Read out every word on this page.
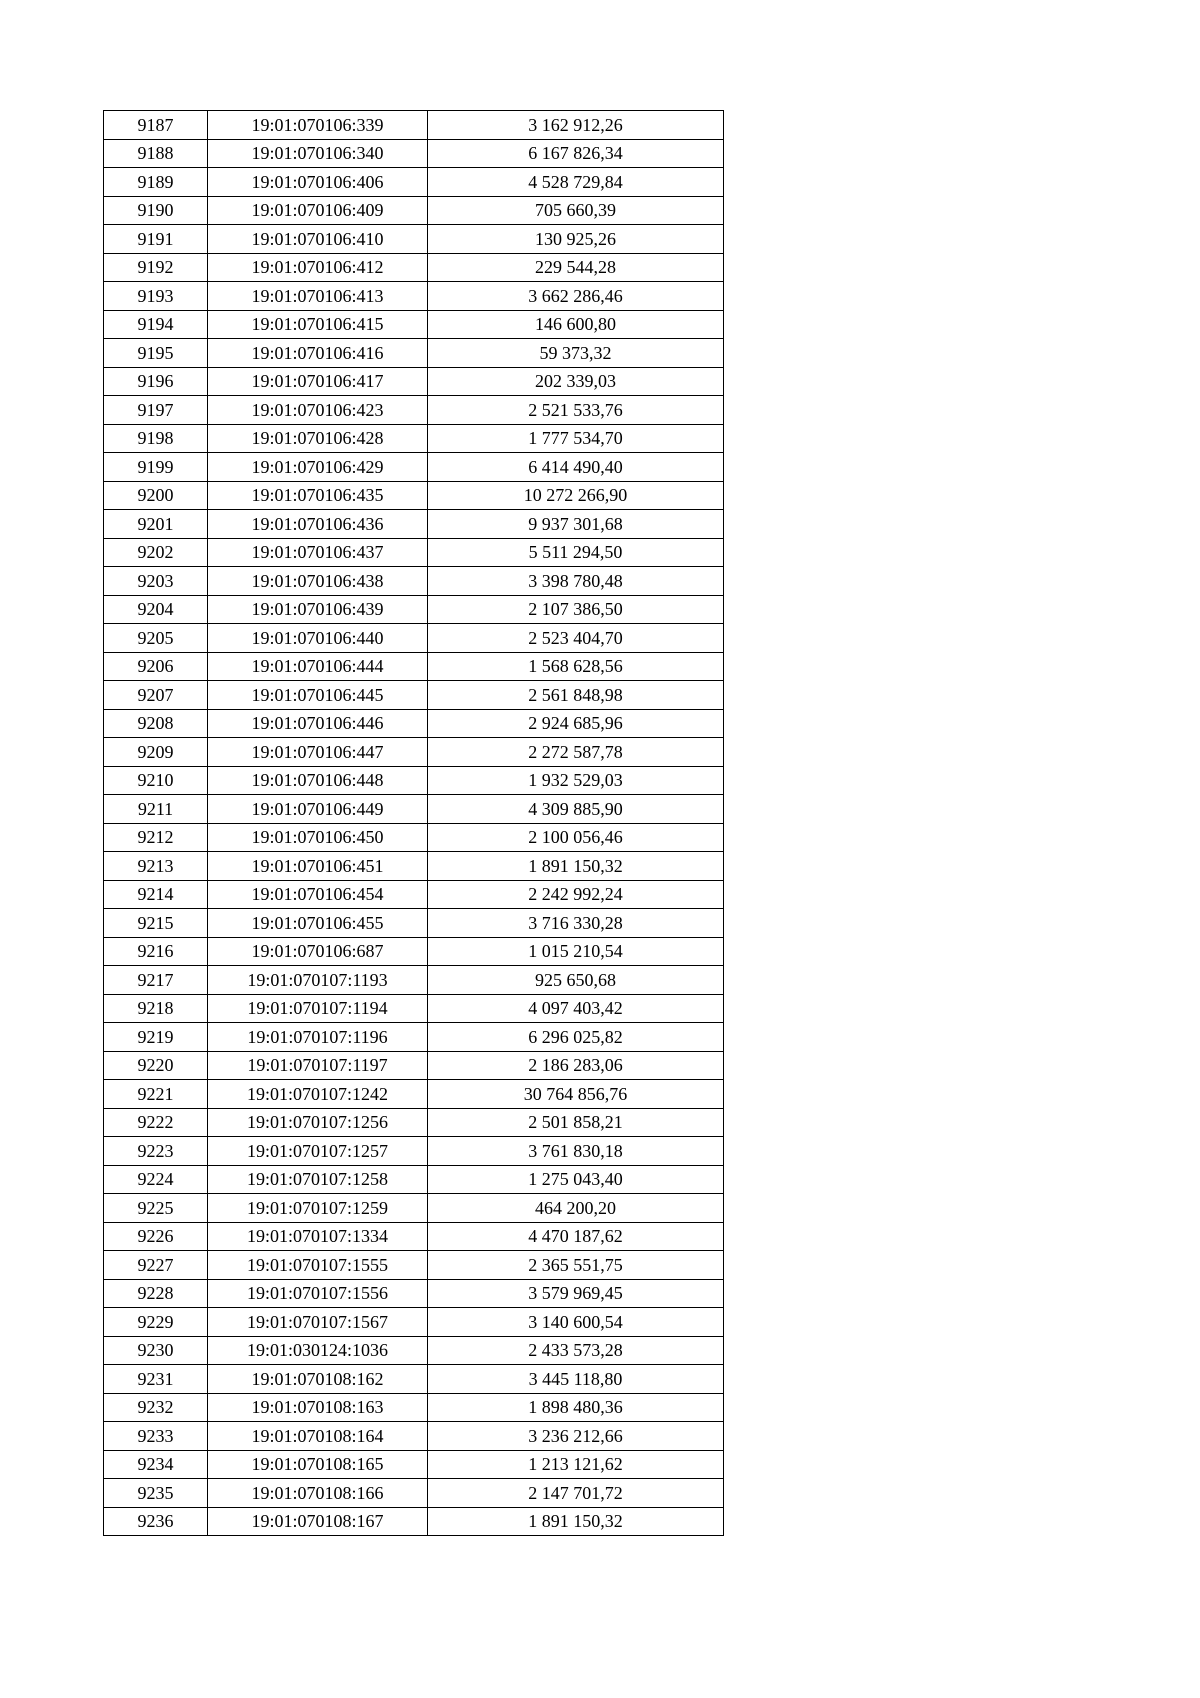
9187	19:01:070106:339	3 162 912,26
9188	19:01:070106:340	6 167 826,34
9189	19:01:070106:406	4 528 729,84
9190	19:01:070106:409	705 660,39
9191	19:01:070106:410	130 925,26
9192	19:01:070106:412	229 544,28
9193	19:01:070106:413	3 662 286,46
9194	19:01:070106:415	146 600,80
9195	19:01:070106:416	59 373,32
9196	19:01:070106:417	202 339,03
9197	19:01:070106:423	2 521 533,76
9198	19:01:070106:428	1 777 534,70
9199	19:01:070106:429	6 414 490,40
9200	19:01:070106:435	10 272 266,90
9201	19:01:070106:436	9 937 301,68
9202	19:01:070106:437	5 511 294,50
9203	19:01:070106:438	3 398 780,48
9204	19:01:070106:439	2 107 386,50
9205	19:01:070106:440	2 523 404,70
9206	19:01:070106:444	1 568 628,56
9207	19:01:070106:445	2 561 848,98
9208	19:01:070106:446	2 924 685,96
9209	19:01:070106:447	2 272 587,78
9210	19:01:070106:448	1 932 529,03
9211	19:01:070106:449	4 309 885,90
9212	19:01:070106:450	2 100 056,46
9213	19:01:070106:451	1 891 150,32
9214	19:01:070106:454	2 242 992,24
9215	19:01:070106:455	3 716 330,28
9216	19:01:070106:687	1 015 210,54
9217	19:01:070107:1193	925 650,68
9218	19:01:070107:1194	4 097 403,42
9219	19:01:070107:1196	6 296 025,82
9220	19:01:070107:1197	2 186 283,06
9221	19:01:070107:1242	30 764 856,76
9222	19:01:070107:1256	2 501 858,21
9223	19:01:070107:1257	3 761 830,18
9224	19:01:070107:1258	1 275 043,40
9225	19:01:070107:1259	464 200,20
9226	19:01:070107:1334	4 470 187,62
9227	19:01:070107:1555	2 365 551,75
9228	19:01:070107:1556	3 579 969,45
9229	19:01:070107:1567	3 140 600,54
9230	19:01:030124:1036	2 433 573,28
9231	19:01:070108:162	3 445 118,80
9232	19:01:070108:163	1 898 480,36
9233	19:01:070108:164	3 236 212,66
9234	19:01:070108:165	1 213 121,62
9235	19:01:070108:166	2 147 701,72
9236	19:01:070108:167	1 891 150,32
